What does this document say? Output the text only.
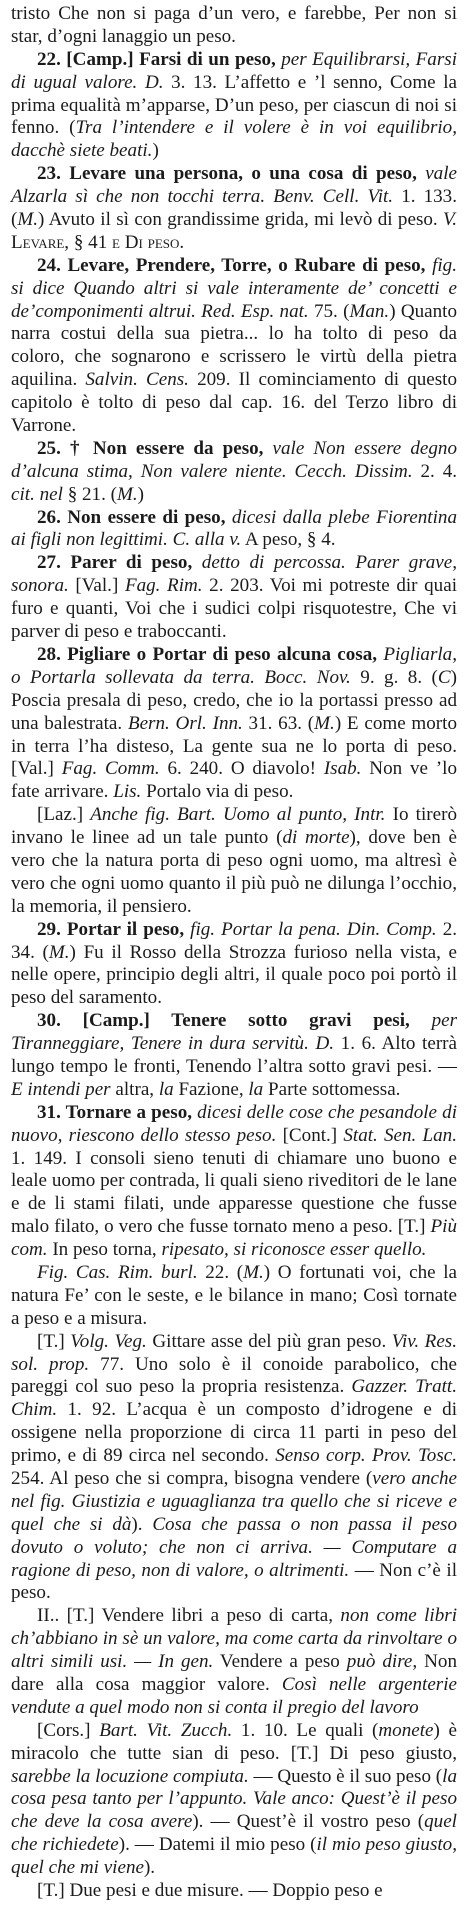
tristo Che non si paga d’un vero, e farebbe, Per non si star, d’ogni lanaggio un peso.

22. [Camp.] Farsi di un peso, per Equilibrarsi, Farsi di ugual valore. D. 3. 13. L’affetto e ’l senno, Come la prima equalità m’apparse, D’un peso, per ciascun di noi si fenno. (Tra l’intendere e il volere è in voi equilibrio, dacchè siete beati.)

23. Levare una persona, o una cosa di peso, vale Alzarla sì che non tocchi terra. Benv. Cell. Vit. 1. 133. (M.) Avuto il sì con grandissime grida, mi levò di peso. V. Levare, § 41 e Di peso.

24. Levare, Prendere, Torre, o Rubare di peso, fig. si dice Quando altri si vale interamente de’ concetti e de’componimenti altrui. Red. Esp. nat. 75. (Man.) Quanto narra costui della sua pietra... lo ha tolto di peso da coloro, che sognarono e scrissero le virtù della pietra aquilina. Salvin. Cens. 209. Il cominciamento di questo capitolo è tolto di peso dal cap. 16. del Terzo libro di Varrone.

25. † Non essere da peso, vale Non essere degno d’alcuna stima, Non valere niente. Cecch. Dissim. 2. 4. cit. nel § 21. (M.)

26. Non essere di peso, dicesi dalla plebe Fiorentina ai figli non legittimi. C. alla v. A peso, § 4.

27. Parer di peso, detto di percossa. Parer grave, sonora. [Val.] Fag. Rim. 2. 203. Voi mi potreste dir quai furo e quanti, Voi che i sudici colpi risquotestre, Che vi parver di peso e traboccanti.

28. Pigliare o Portar di peso alcuna cosa, Pigliarla, o Portarla sollevata da terra. Bocc. Nov. 9. g. 8. (C) Poscia presala di peso, credo, che io la portassi presso ad una balestrata. Bern. Orl. Inn. 31. 63. (M.) E come morto in terra l’ha disteso, La gente sua ne lo porta di peso. [Val.] Fag. Comm. 6. 240. O diavolo! Isab. Non ve ’lo fate arrivare. Lis. Portalo via di peso.

[Laz.] Anche fig. Bart. Uomo al punto, Intr. Io tirerò invano le linee ad un tale punto (di morte), dove ben è vero che la natura porta di peso ogni uomo, ma altresì è vero che ogni uomo quanto il più può ne dilunga l’occhio, la memoria, il pensiero.

29. Portar il peso, fig. Portar la pena. Din. Comp. 2. 34. (M.) Fu il Rosso della Strozza furioso nella vista, e nelle opere, principio degli altri, il quale poco poi portò il peso del saramento.

30. [Camp.] Tenere sotto gravi pesi, per Tiranneggiare, Tenere in dura servitù. D. 1. 6. Alto terrà lungo tempo le fronti, Tenendo l’altra sotto gravi pesi. — E intendi per altra, la Fazione, la Parte sottomessa.

31. Tornare a peso, dicesi delle cose che pesandole di nuovo, riescono dello stesso peso. [Cont.] Stat. Sen. Lan. 1. 149. I consoli sieno tenuti di chiamare uno buono e leale uomo per contrada, li quali sieno riveditori de le lane e de li stami filati, unde apparesse questione che fusse malo filato, o vero che fusse tornato meno a peso. [T.] Più com. In peso torna, ripesato, si riconosce esser quello.

Fig. Cas. Rim. burl. 22. (M.) O fortunati voi, che la natura Fe’ con le seste, e le bilance in mano; Così tornate a peso e a misura.

[T.] Volg. Veg. Gittare asse del più gran peso. Viv. Res. sol. prop. 77. Uno solo è il conoide parabolico, che pareggi col suo peso la propria resistenza. Gazzer. Tratt. Chim. 1. 92. L’acqua è un composto d’idrogene e di ossigene nella proporzione di circa 11 parti in peso del primo, e di 89 circa nel secondo. Senso corp. Prov. Tosc. 254. Al peso che si compra, bisogna vendere (vero anche nel fig. Giustizia e uguaglianza tra quello che si riceve e quel che si dà). Cosa che passa o non passa il peso dovuto o voluto; che non ci arriva. — Computare a ragione di peso, non di valore, o altrimenti. — Non c’è il peso.

II.. [T.] Vendere libri a peso di carta, non come libri ch’abbiano in sè un valore, ma come carta da rinvoltare o altri simili usi. — In gen. Vendere a peso può dire, Non dare alla cosa maggior valore. Così nelle argenterie vendute a quel modo non si conta il pregio del lavoro

[Cors.] Bart. Vit. Zucch. 1. 10. Le quali (monete) è miracolo che tutte sian di peso. [T.] Di peso giusto, sarebbe la locuzione compiuta. — Questo è il suo peso (la cosa pesa tanto per l’appunto. Vale anco: Quest’è il peso che deve la cosa avere). — Quest’è il vostro peso (quel che richiedete). — Datemi il mio peso (il mio peso giusto, quel che mi viene).

[T.] Due pesi e due misure. — Doppio peso e
